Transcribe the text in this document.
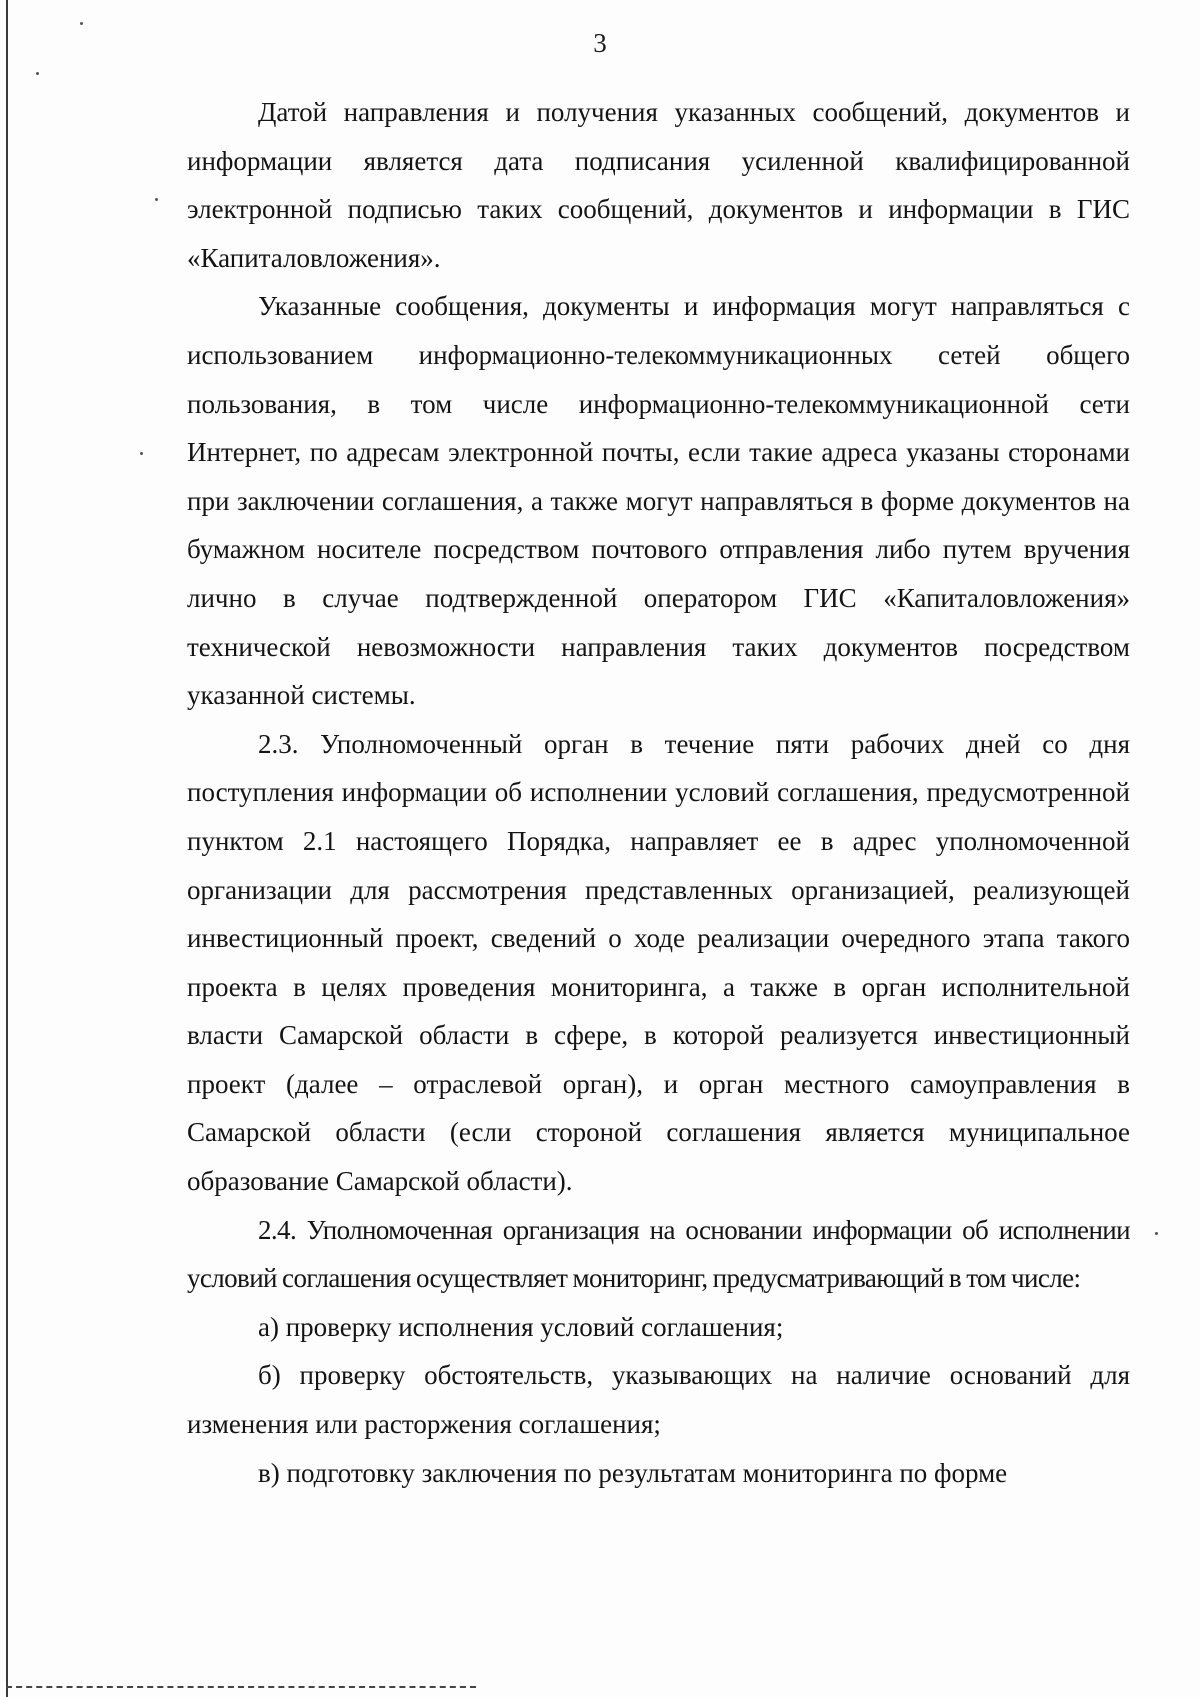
3

Датой направления и получения указанных сообщений, документов и информации является дата подписания усиленной квалифицированной электронной подписью таких сообщений, документов и информации в ГИС «Капиталовложения».

Указанные сообщения, документы и информация могут направляться с использованием информационно-телекоммуникационных сетей общего пользования, в том числе информационно-телекоммуникационной сети Интернет, по адресам электронной почты, если такие адреса указаны сторонами при заключении соглашения, а также могут направляться в форме документов на бумажном носителе посредством почтового отправления либо путем вручения лично в случае подтвержденной оператором ГИС «Капиталовложения» технической невозможности направления таких документов посредством указанной системы.

2.3. Уполномоченный орган в течение пяти рабочих дней со дня поступления информации об исполнении условий соглашения, предусмотренной пунктом 2.1 настоящего Порядка, направляет ее в адрес уполномоченной организации для рассмотрения представленных организацией, реализующей инвестиционный проект, сведений о ходе реализации очередного этапа такого проекта в целях проведения мониторинга, а также в орган исполнительной власти Самарской области в сфере, в которой реализуется инвестиционный проект (далее – отраслевой орган), и орган местного самоуправления в Самарской области (если стороной соглашения является муниципальное образование Самарской области).

2.4. Уполномоченная организация на основании информации об исполнении условий соглашения осуществляет мониторинг, предусматривающий в том числе:

а) проверку исполнения условий соглашения;

б) проверку обстоятельств, указывающих на наличие оснований для изменения или расторжения соглашения;

в) подготовку заключения по результатам мониторинга по форме
